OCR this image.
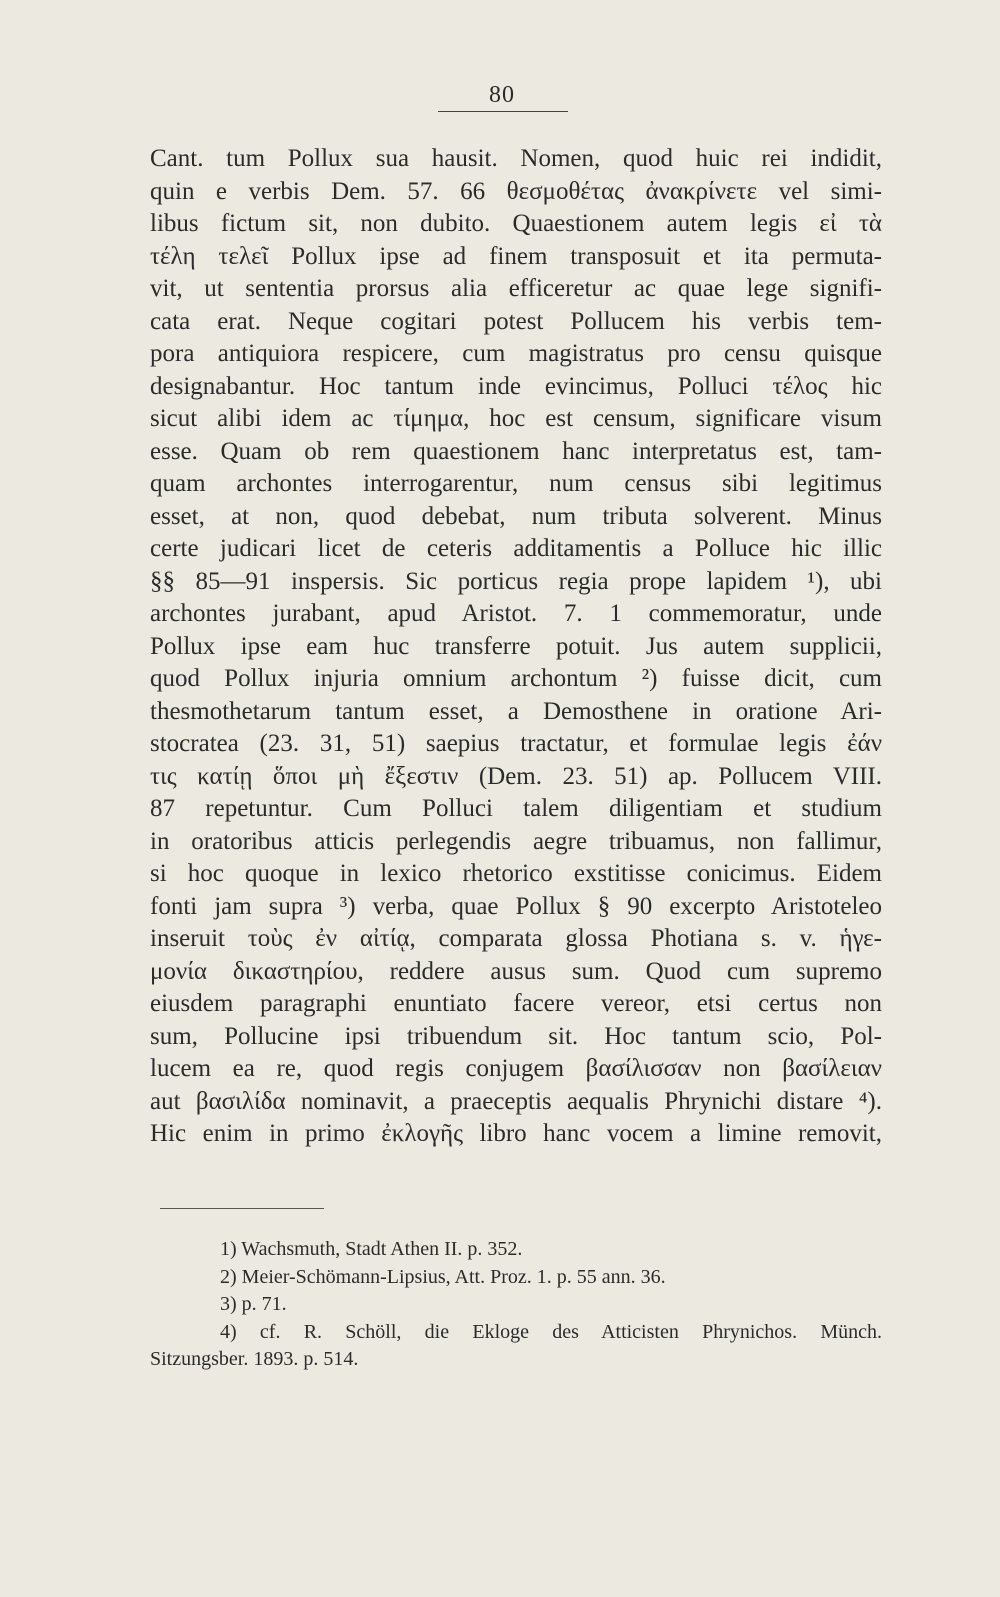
80
Cant. tum Pollux sua hausit. Nomen, quod huic rei indidit,
quin e verbis Dem. 57. 66 θεσμοθέτας ἀνακρίνετε vel simi-
libus fictum sit, non dubito. Quaestionem autem legis εἰ τὰ
τέλη τελεῖ Pollux ipse ad finem transposuit et ita permuta-
vit, ut sententia prorsus alia efficeretur ac quae lege signifi-
cata erat. Neque cogitari potest Pollucem his verbis tem-
pora antiquiora respicere, cum magistratus pro censu quisque
designabantur. Hoc tantum inde evincimus, Polluci τέλος hic
sicut alibi idem ac τίμημα, hoc est censum, significare visum
esse. Quam ob rem quaestionem hanc interpretatus est, tam-
quam archontes interrogarentur, num census sibi legitimus
esset, at non, quod debebat, num tributa solverent. Minus
certe judicari licet de ceteris additamentis a Polluce hic illic
§§ 85—91 inspersis. Sic porticus regia prope lapidem ¹), ubi
archontes jurabant, apud Aristot. 7. 1 commemoratur, unde
Pollux ipse eam huc transferre potuit. Jus autem supplicii,
quod Pollux injuria omnium archontum ²) fuisse dicit, cum
thesmothetarum tantum esset, a Demosthene in oratione Ari-
stocratea (23. 31, 51) saepius tractatur, et formulae legis ἐάν
τις κατίῃ ὅποι μὴ ἔξεστιν (Dem. 23. 51) ap. Pollucem VIII.
87 repetuntur. Cum Polluci talem diligentiam et studium
in oratoribus atticis perlegendis aegre tribuamus, non fallimur,
si hoc quoque in lexico rhetorico exstitisse conicimus. Eidem
fonti jam supra ³) verba, quae Pollux § 90 excerpto Aristoteleo
inseruit τοὺς ἐν αἰτίᾳ, comparata glossa Photiana s. v. ἡγε-
μονία δικαστηρίου, reddere ausus sum. Quod cum supremo
eiusdem paragraphi enuntiato facere vereor, etsi certus non
sum, Pollucine ipsi tribuendum sit. Hoc tantum scio, Pol-
lucem ea re, quod regis conjugem βασίλισσαν non βασίλειαν
aut βασιλίδα nominavit, a praeceptis aequalis Phrynichi distare ⁴).
Hic enim in primo ἐκλογῆς libro hanc vocem a limine removit,
1) Wachsmuth, Stadt Athen II. p. 352.
2) Meier-Schömann-Lipsius, Att. Proz. 1. p. 55 ann. 36.
3) p. 71.
4) cf. R. Schöll, die Ekloge des Atticisten Phrynichos. Münch.
Sitzungsber. 1893. p. 514.
